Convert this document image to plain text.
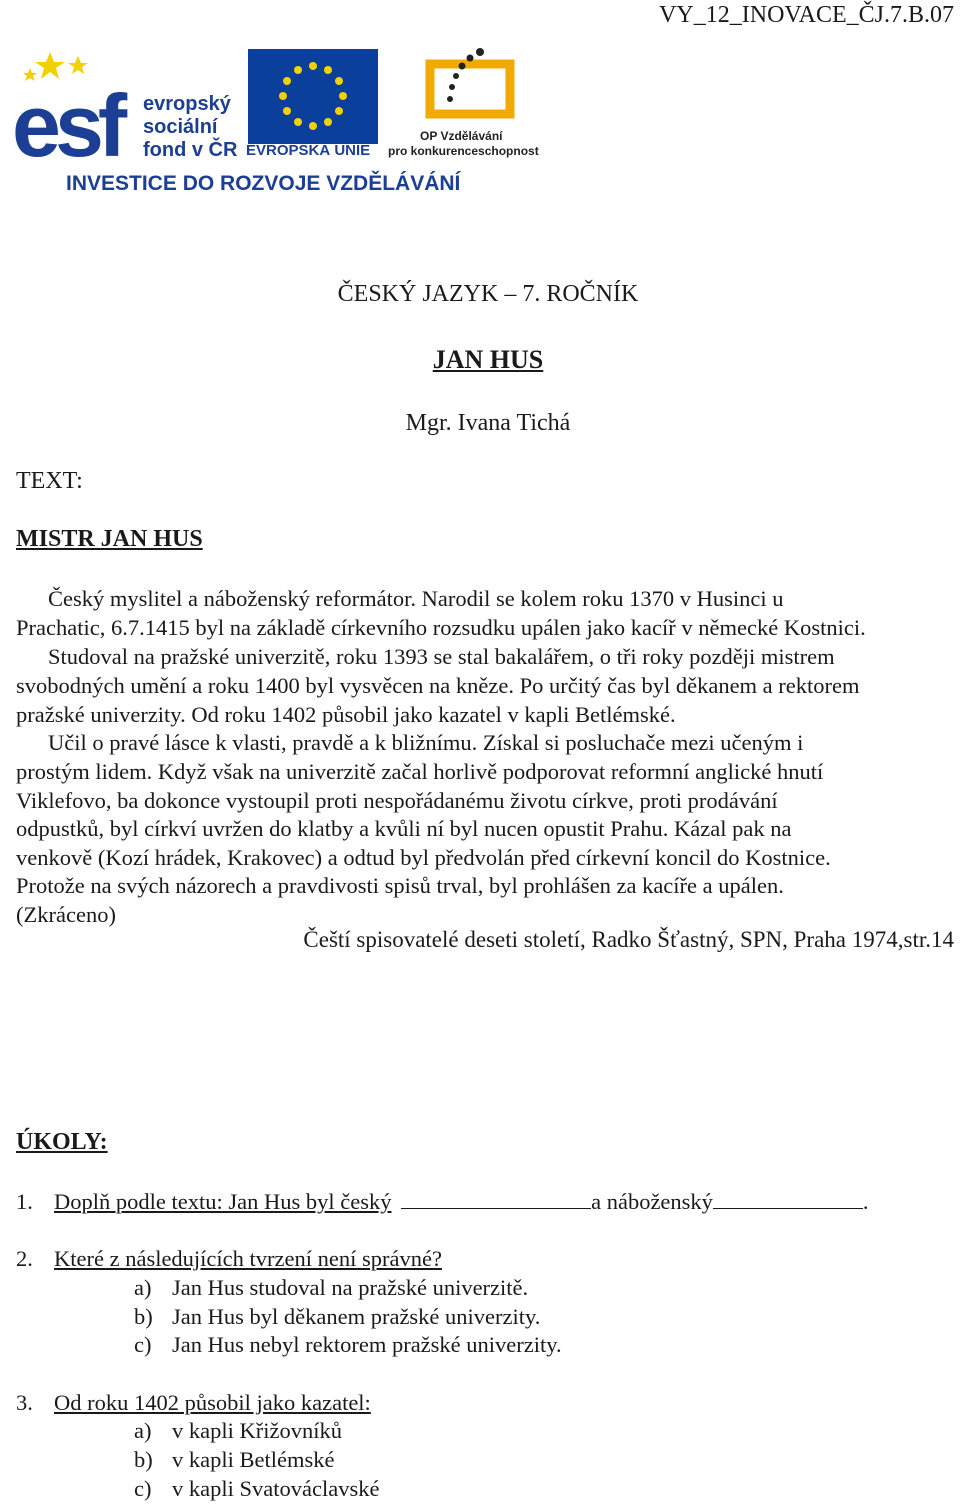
VY_12_INOVACE_ČJ.7.B.07
esf	evropský
sociální
fond v ČR EVROPSKÁ UNIE
OP Vzdělávání
pro konkurenceschopnost
INVESTICE DO ROZVOJE VZDĚLÁVÁNÍ
ČESKÝ JAZYK – 7. ROČNÍK
JAN HUS
Mgr. Ivana Tichá
TEXT:
MISTR JAN HUS
Český myslitel a náboženský reformátor. Narodil se kolem roku 1370 v Husinci u
Prachatic, 6.7.1415 byl na základě církevního rozsudku upálen jako kacíř v německé Kostnici.
Studoval na pražské univerzitě, roku 1393 se stal bakalářem, o tři roky později mistrem
svobodných umění a roku 1400 byl vysvěcen na kněze. Po určitý čas byl děkanem a rektorem
pražské univerzity. Od roku 1402 působil jako kazatel v kapli Betlémské.
Učil o pravé lásce k vlasti, pravdě a k bližnímu. Získal si posluchače mezi učeným i
prostým lidem. Když však na univerzitě začal horlivě podporovat reformní anglické hnutí
Viklefovo, ba dokonce vystoupil proti nespořádanému životu církve, proti prodávání
odpustků, byl církví uvržen do klatby a kvůli ní byl nucen opustit Prahu. Kázal pak na
venkově (Kozí hrádek, Krakovec) a odtud byl předvolán před církevní koncil do Kostnice.
Protože na svých názorech a pravdivosti spisů trval, byl prohlášen za kacíře a upálen.
(Zkráceno)
Čeští spisovatelé deseti století, Radko Šťastný, SPN, Praha 1974,str.14
ÚKOLY:
1. Doplň podle textu: Jan Hus byl český	a náboženský	.
2. Které z následujících tvrzení není správné?
a) Jan Hus studoval na pražské univerzitě.
b) Jan Hus byl děkanem pražské univerzity.
c) Jan Hus nebyl rektorem pražské univerzity.
3. Od roku 1402 působil jako kazatel:
a) v kapli Křižovníků
b) v kapli Betlémské
c) v kapli Svatováclavské
